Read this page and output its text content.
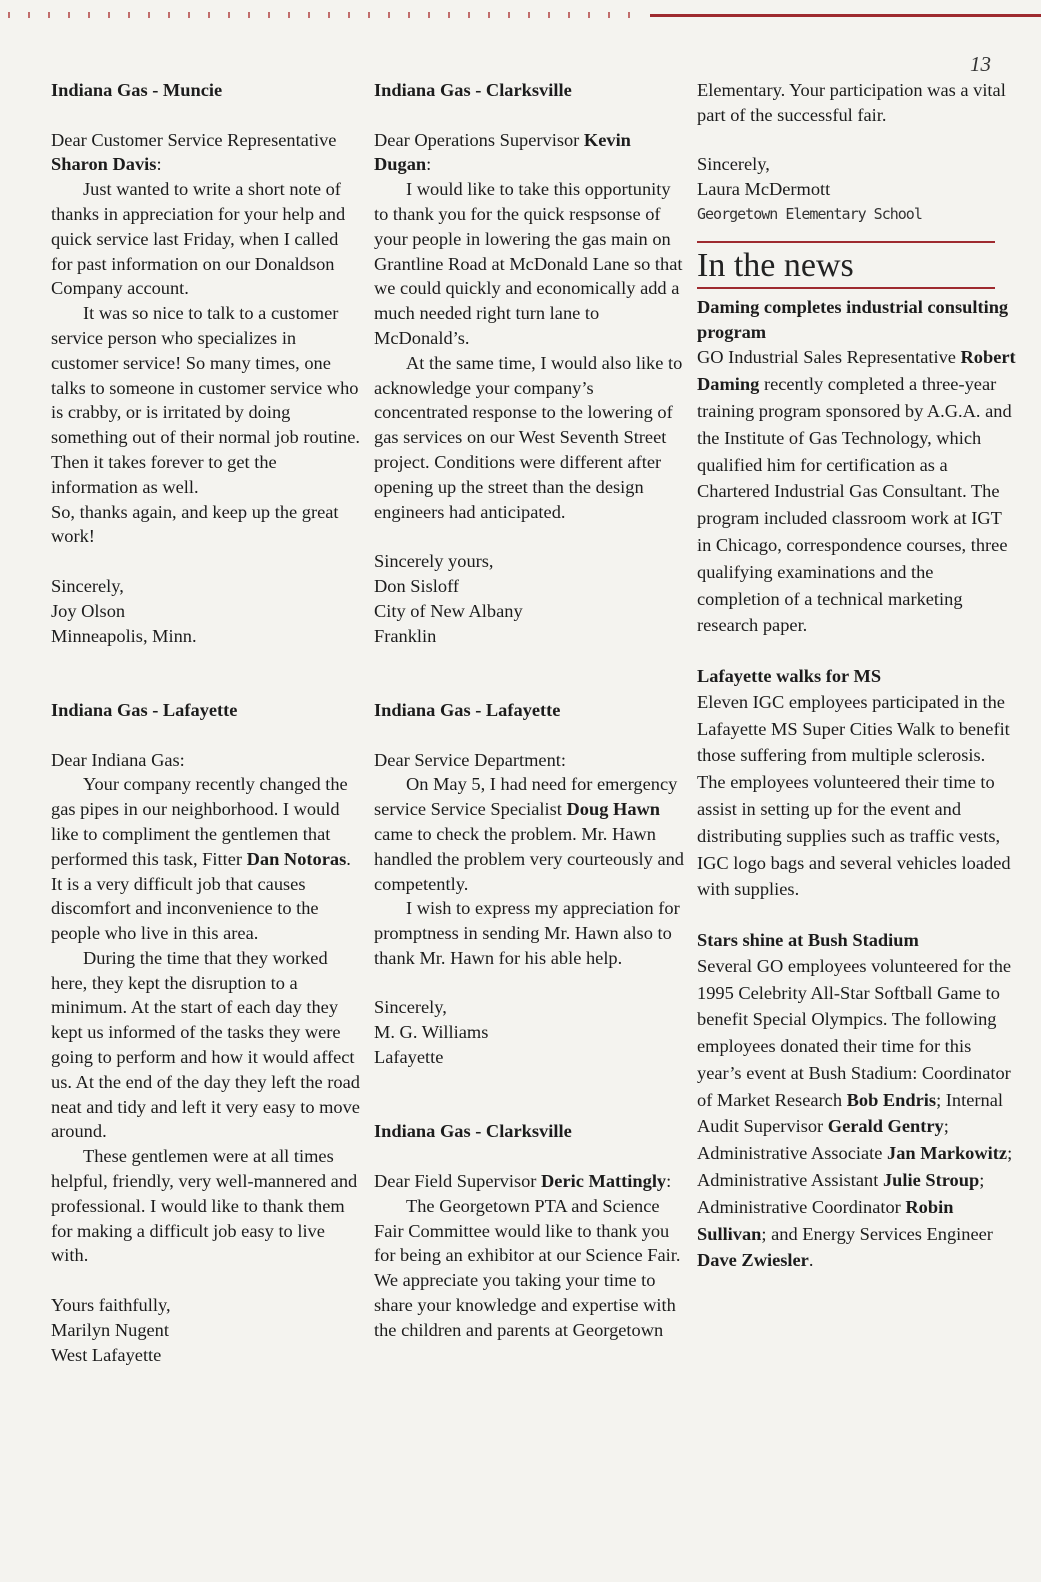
13

Indiana Gas - Muncie

Dear Customer Service Representative Sharon Davis:

Just wanted to write a short note of thanks in appreciation for your help and quick service last Friday, when I called for past information on our Donaldson Company account.

It was so nice to talk to a customer service person who specializes in customer service! So many times, one talks to someone in customer service who is crabby, or is irritated by doing something out of their normal job routine. Then it takes forever to get the information as well.

So, thanks again, and keep up the great work!

Sincerely,

Joy Olson

Minneapolis, Minn.

Indiana Gas - Lafayette

Dear Indiana Gas:

Your company recently changed the gas pipes in our neighborhood. I would like to compliment the gentlemen that performed this task, Fitter Dan Notoras. It is a very difficult job that causes discomfort and inconvenience to the people who live in this area.

During the time that they worked here, they kept the disruption to a minimum. At the start of each day they kept us informed of the tasks they were going to perform and how it would affect us. At the end of the day they left the road neat and tidy and left it very easy to move around.

These gentlemen were at all times helpful, friendly, very well-mannered and professional. I would like to thank them for making a difficult job easy to live with.

Yours faithfully,

Marilyn Nugent

West Lafayette

Indiana Gas - Clarksville

Dear Operations Supervisor Kevin Dugan:

I would like to take this opportunity to thank you for the quick respsonse of your people in lowering the gas main on Grantline Road at McDonald Lane so that we could quickly and economically add a much needed right turn lane to McDonald’s.

At the same time, I would also like to acknowledge your company’s concentrated response to the lowering of gas services on our West Seventh Street project. Conditions were different after opening up the street than the design engineers had anticipated.

Sincerely yours,

Don Sisloff

City of New Albany

Franklin

Indiana Gas - Lafayette

Dear Service Department:

On May 5, I had need for emergency service Service Specialist Doug Hawn came to check the problem. Mr. Hawn handled the problem very courteously and competently.

I wish to express my appreciation for promptness in sending Mr. Hawn also to thank Mr. Hawn for his able help.

Sincerely,

M. G. Williams

Lafayette

Indiana Gas - Clarksville

Dear Field Supervisor Deric Mattingly:

The Georgetown PTA and Science Fair Committee would like to thank you for being an exhibitor at our Science Fair. We appreciate you taking your time to share your knowledge and expertise with the children and parents at Georgetown

Elementary. Your participation was a vital part of the successful fair.

Sincerely,

Laura McDermott

Georgetown Elementary School

In the news

Daming completes industrial consulting program

GO Industrial Sales Representative Robert Daming recently completed a three-year training program sponsored by A.G.A. and the Institute of Gas Technology, which qualified him for certification as a Chartered Industrial Gas Consultant. The program included classroom work at IGT in Chicago, correspondence courses, three qualifying examinations and the completion of a technical marketing research paper.

Lafayette walks for MS

Eleven IGC employees participated in the Lafayette MS Super Cities Walk to benefit those suffering from multiple sclerosis. The employees volunteered their time to assist in setting up for the event and distributing supplies such as traffic vests, IGC logo bags and several vehicles loaded with supplies.

Stars shine at Bush Stadium

Several GO employees volunteered for the 1995 Celebrity All-Star Softball Game to benefit Special Olympics. The following employees donated their time for this year’s event at Bush Stadium: Coordinator of Market Research Bob Endris; Internal Audit Supervisor Gerald Gentry; Administrative Associate Jan Markowitz; Administrative Assistant Julie Stroup; Administrative Coordinator Robin Sullivan; and Energy Services Engineer Dave Zwiesler.
